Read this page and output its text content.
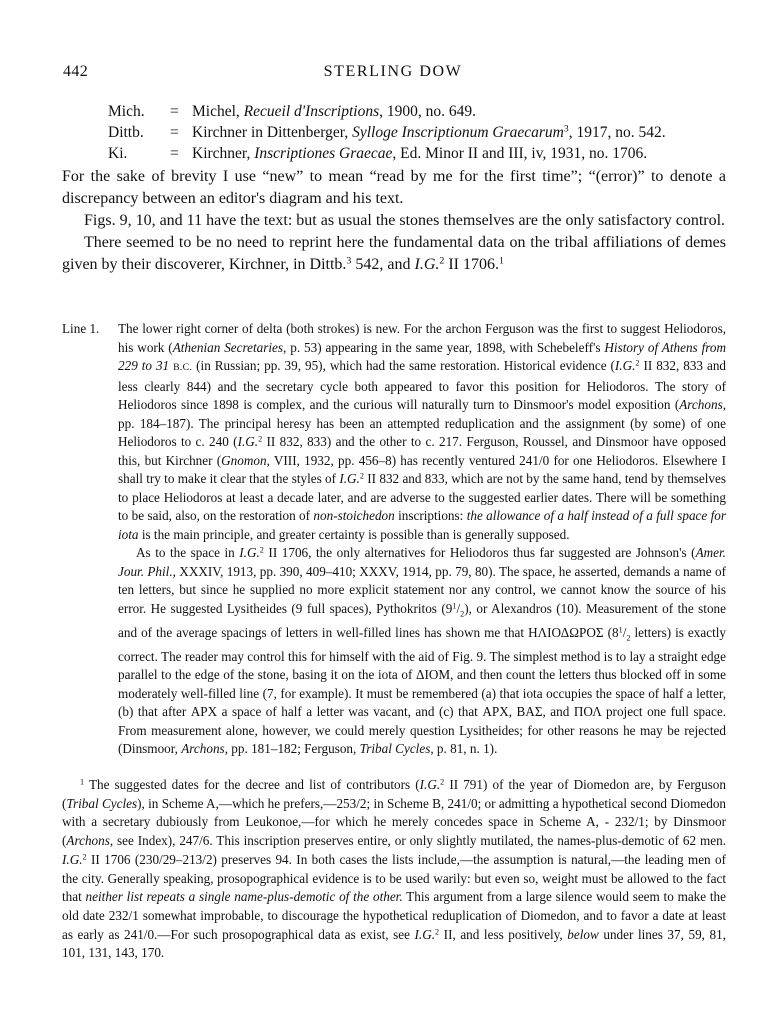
442	STERLING DOW
Mich.	= Michel, Recueil d'Inscriptions, 1900, no. 649.
Dittb.	= Kirchner in Dittenberger, Sylloge Inscriptionum Graecarum$^3$, 1917, no. 542.
Ki.	= Kirchner, Inscriptiones Graecae, Ed. Minor II and III, iv, 1931, no. 1706.

For the sake of brevity I use “new” to mean “read by me for the first time”; “(error)” to denote a discrepancy between an editor's diagram and his text.

Figs. 9, 10, and 11 have the text: but as usual the stones themselves are the only satisfactory control.

There seemed to be no need to reprint here the fundamental data on the tribal affiliations of demes given by their discoverer, Kirchner, in Dittb.$^3$ 542, and I.G.$^2$ II 1706.$^1$

Line 1.	The lower right corner of delta (both strokes) is new. For the archon Ferguson was the first to suggest Heliodoros, his work (Athenian Secretaries, p. 53) appearing in the same year, 1898, with Schebeleff's History of Athens from 229 to 31 B.C. (in Russian; pp. 39, 95), which had the same restoration. Historical evidence (I.G.$^2$ II 832, 833 and less clearly 844) and the secretary cycle both appeared to favor this position for Heliodoros. The story of Heliodoros since 1898 is complex, and the curious will naturally turn to Dinsmoor's model exposition (Archons, pp. 184–187). The principal heresy has been an attempted reduplication and the assignment (by some) of one Heliodoros to c. 240 (I.G.$^2$ II 832, 833) and the other to c. 217. Ferguson, Roussel, and Dinsmoor have opposed this, but Kirchner (Gnomon, VIII, 1932, pp. 456–8) has recently ventured 241/0 for one Heliodoros. Elsewhere I shall try to make it clear that the styles of I.G.$^2$ II 832 and 833, which are not by the same hand, tend by themselves to place Heliodoros at least a decade later, and are adverse to the suggested earlier dates. There will be something to be said, also, on the restoration of non-stoichedon inscriptions: the allowance of a half instead of a full space for iota is the main principle, and greater certainty is possible than is generally supposed.

As to the space in I.G.$^2$ II 1706, the only alternatives for Heliodoros thus far suggested are Johnson's (Amer. Jour. Phil., XXXIV, 1913, pp. 390, 409–410; XXXV, 1914, pp. 79, 80). The space, he asserted, demands a name of ten letters, but since he supplied no more explicit statement nor any control, we cannot know the source of his error. He suggested Lysitheides (9 full spaces), Pythokritos $(9^1/_2)$, or Alexandros (10). Measurement of the stone and of the average spacings of letters in well-filled lines has shown me that ΗΛΙΟΔΩΡΟΣ ($8^1/_2$ letters) is exactly correct. The reader may control this for himself with the aid of Fig. 9. The simplest method is to lay a straight edge parallel to the edge of the stone, basing it on the iota of ΔΙΟΜ, and then count the letters thus blocked off in some moderately well-filled line (7, for example). It must be remembered (a) that iota occupies the space of half a letter, (b) that after ΑΡΧ a space of half a letter was vacant, and (c) that ΑΡΧ, ΒΑΣ, and ΠΟΛ project one full space. From measurement alone, however, we could merely question Lysitheides; for other reasons he may be rejected (Dinsmoor, Archons, pp. 181–182; Ferguson, Tribal Cycles, p. 81, n. 1).

$^1$ The suggested dates for the decree and list of contributors (I.G.$^2$ II 791) of the year of Diomedon are, by Ferguson (Tribal Cycles), in Scheme A,—which he prefers,—253/2; in Scheme B, 241/0; or admitting a hypothetical second Diomedon with a secretary dubiously from Leukonoe,—for which he merely concedes space in Scheme A, - 232/1; by Dinsmoor (Archons, see Index), 247/6. This inscription preserves entire, or only slightly mutilated, the names-plus-demotic of 62 men. I.G.$^2$ II 1706 (230/29–213/2) preserves 94. In both cases the lists include,—the assumption is natural,—the leading men of the city. Generally speaking, prosopographical evidence is to be used warily: but even so, weight must be allowed to the fact that neither list repeats a single name-plus-demotic of the other. This argument from a large silence would seem to make the old date 232/1 somewhat improbable, to discourage the hypothetical reduplication of Diomedon, and to favor a date at least as early as 241/0.—For such prosopographical data as exist, see I.G.$^2$ II, and less positively, below under lines 37, 59, 81, 101, 131, 143, 170.
